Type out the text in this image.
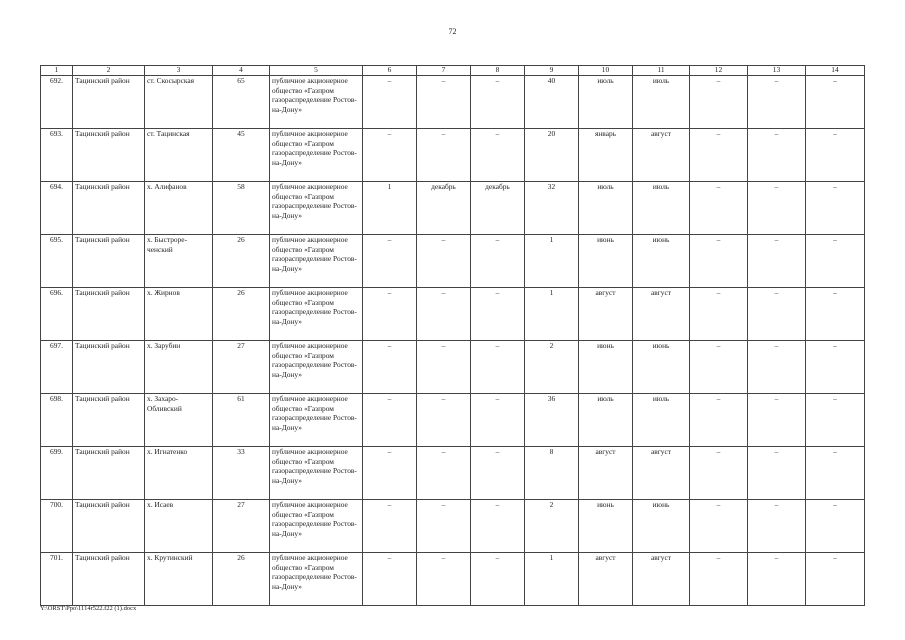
72
1	2	3	4	5	6	7	8	9	10	11	12	13	14
692.	Тацинский район	ст. Скосырская	65	публичное акционерное общество «Газпром газораспределение Ростов-на-Дону»	–	–	–	40	июль	июль	–	–	–
693.	Тацинский район	ст. Тацинская	45	публичное акционерное общество «Газпром газораспределение Ростов-на-Дону»	–	–	–	20	январь	август	–	–	–
694.	Тацинский район	х. Алифанов	58	публичное акционерное общество «Газпром газораспределение Ростов-на-Дону»	1	декабрь	декабрь	32	июль	июль	–	–	–
695.	Тацинский район	х. Быстроре-ченский	26	публичное акционерное общество «Газпром газораспределение Ростов-на-Дону»	–	–	–	1	июнь	июнь	–	–	–
696.	Тацинский район	х. Жирнов	26	публичное акционерное общество «Газпром газораспределение Ростов-на-Дону»	–	–	–	1	август	август	–	–	–
697.	Тацинский район	х. Зарубин	27	публичное акционерное общество «Газпром газораспределение Ростов-на-Дону»	–	–	–	2	июнь	июнь	–	–	–
698.	Тацинский район	х. Захаро-Обливский	61	публичное акционерное общество «Газпром газораспределение Ростов-на-Дону»	–	–	–	36	июль	июль	–	–	–
699.	Тацинский район	х. Игнатенко	33	публичное акционерное общество «Газпром газораспределение Ростов-на-Дону»	–	–	–	8	август	август	–	–	–
700.	Тацинский район	х. Исаев	27	публичное акционерное общество «Газпром газораспределение Ростов-на-Дону»	–	–	–	2	июнь	июнь	–	–	–
701.	Тацинский район	х. Крутинский	26	публичное акционерное общество «Газпром газораспределение Ростов-на-Дону»	–	–	–	1	август	август	–	–	–
Y:\ORST\Ppo\1114r522.f22 (1).docx
